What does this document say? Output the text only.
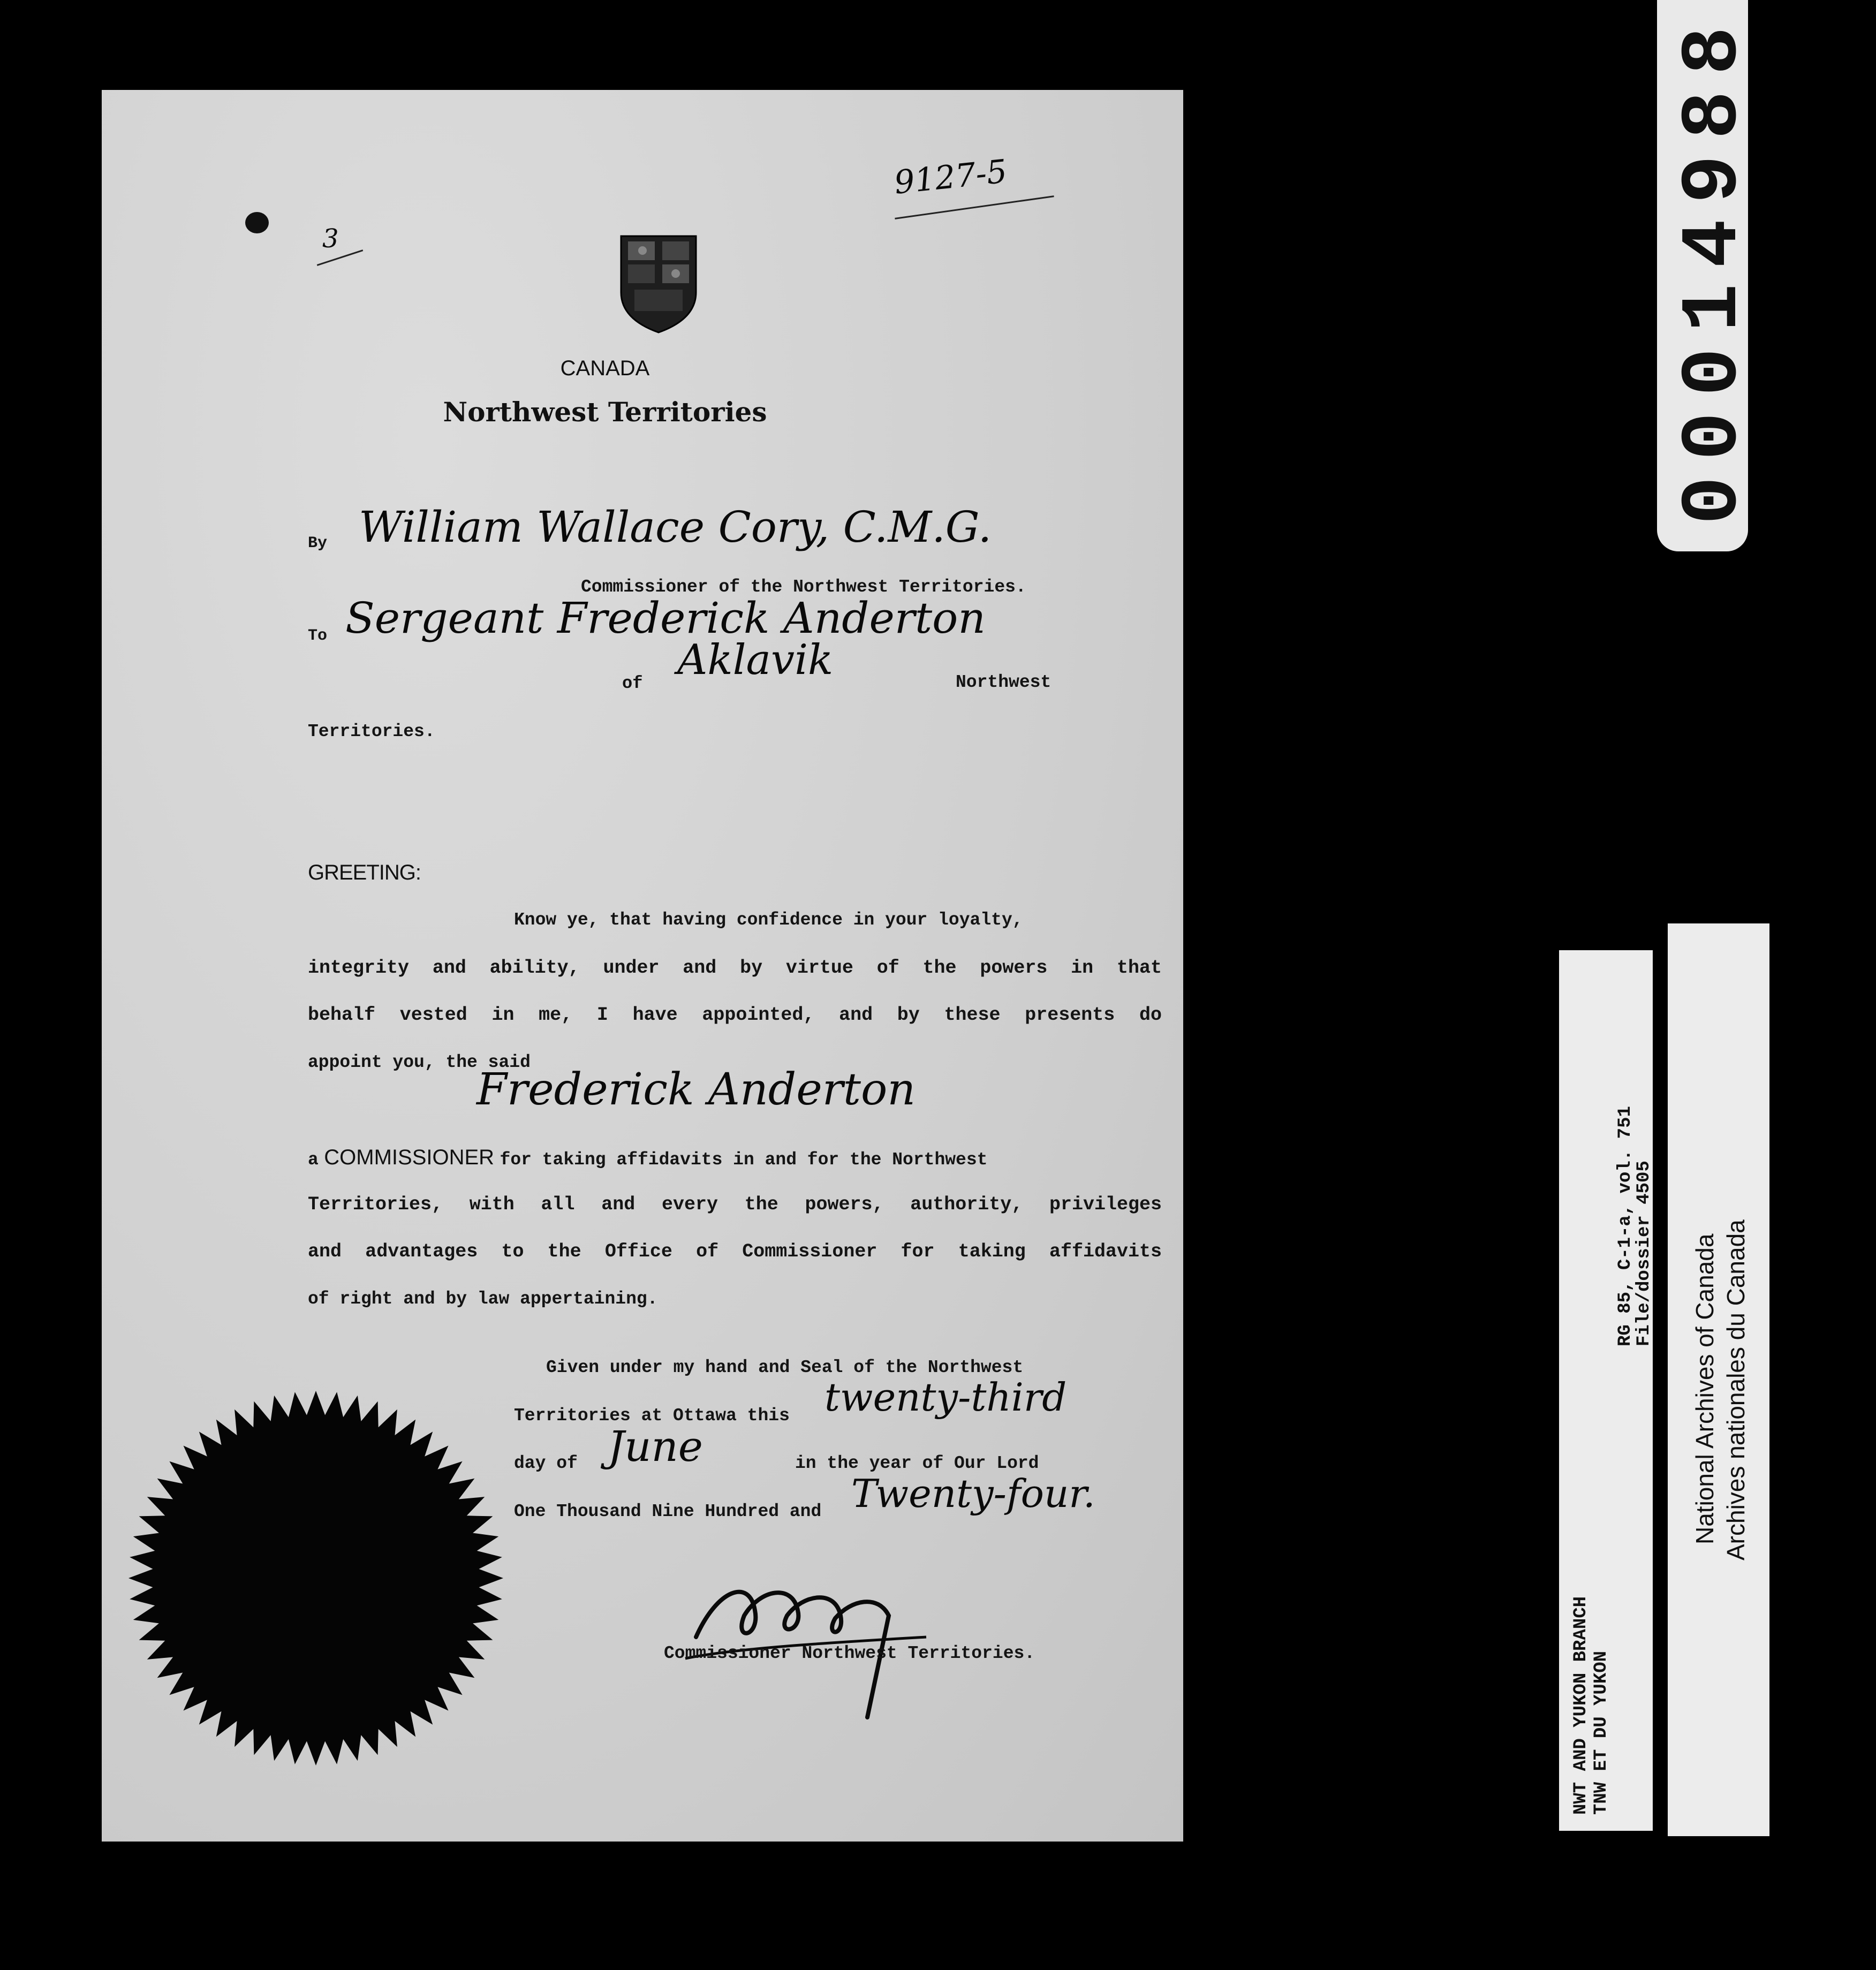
9127-5
3
CANADA
Northwest Territories
By William Wallace Cory, C.M.G.
Commissioner of the Northwest Territories.
To Sergeant Frederick Anderton
of Aklavik	Northwest
Territories.
GREETING:
Know ye, that having confidence in your loyalty,
integrity and ability, under and by virtue of the powers in that
behalf vested in me, I have appointed, and by these presents do
appoint you, the said
Frederick Anderton
a COMMISSIONER for taking affidavits in and for the Northwest
Territories, with all and every the powers, authority, privileges
and advantages to the Office of Commissioner for taking affidavits
of right and by law appertaining.
Given under my hand and Seal of the Northwest
Territories at Ottawa this twenty-third
day of June	in the year of Our Lord
One Thousand Nine Hundred and Twenty-four.
Commissioner Northwest Territories.
00014988
NWT AND YUKON BRANCH TNW ET DU YUKON
RG 85, C-1-a, vol. 751
File/dossier 4505 National Archives of Canada Archives nationales du Canada
